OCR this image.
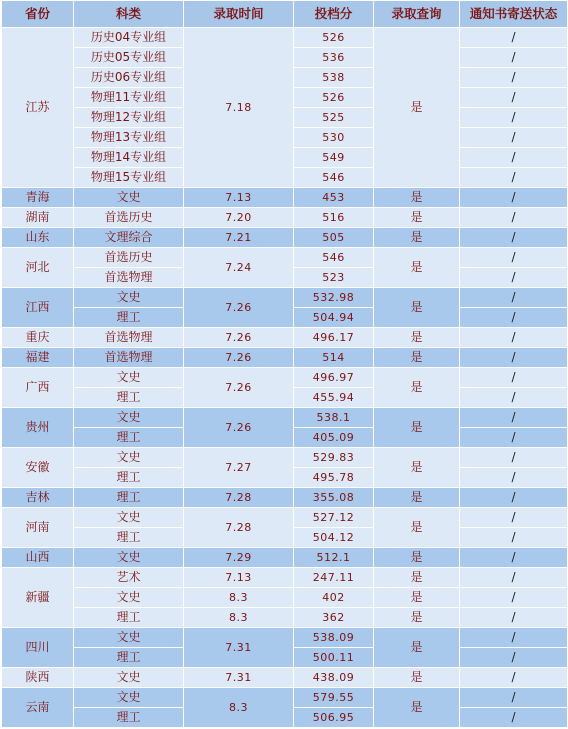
省份	科类	录取时间	投档分	录取查询	通知书寄送状态
江苏	历史04专业组	7.18	526	是	/
	历史05专业组		536		/
	历史06专业组		538		/
	物理11专业组		526		/
	物理12专业组		525		/
	物理13专业组		530		/
	物理14专业组		549		/
	物理15专业组		546		/
青海	文史	7.13	453	是	/
湖南	首选历史	7.20	516	是	/
山东	文理综合	7.21	505	是	/
河北	首选历史	7.24	546	是	/
	首选物理		523		/
江西	文史	7.26	532.98	是	/
	理工		504.94		/
重庆	首选物理	7.26	496.17	是	/
福建	首选物理	7.26	514	是	/
广西	文史	7.26	496.97	是	/
	理工		455.94		/
贵州	文史	7.26	538.1	是	/
	理工		405.09		/
安徽	文史	7.27	529.83	是	/
	理工		495.78		/
吉林	理工	7.28	355.08	是	/
河南	文史	7.28	527.12	是	/
	理工		504.12		/
山西	文史	7.29	512.1	是	/
新疆	艺术	7.13	247.11	是	/
	文史	8.3	402	是	/
	理工	8.3	362	是	/
四川	文史	7.31	538.09	是	/
	理工		500.11		/
陕西	文史	7.31	438.09	是	/
云南	文史	8.3	579.55	是	/
	理工		506.95		/
